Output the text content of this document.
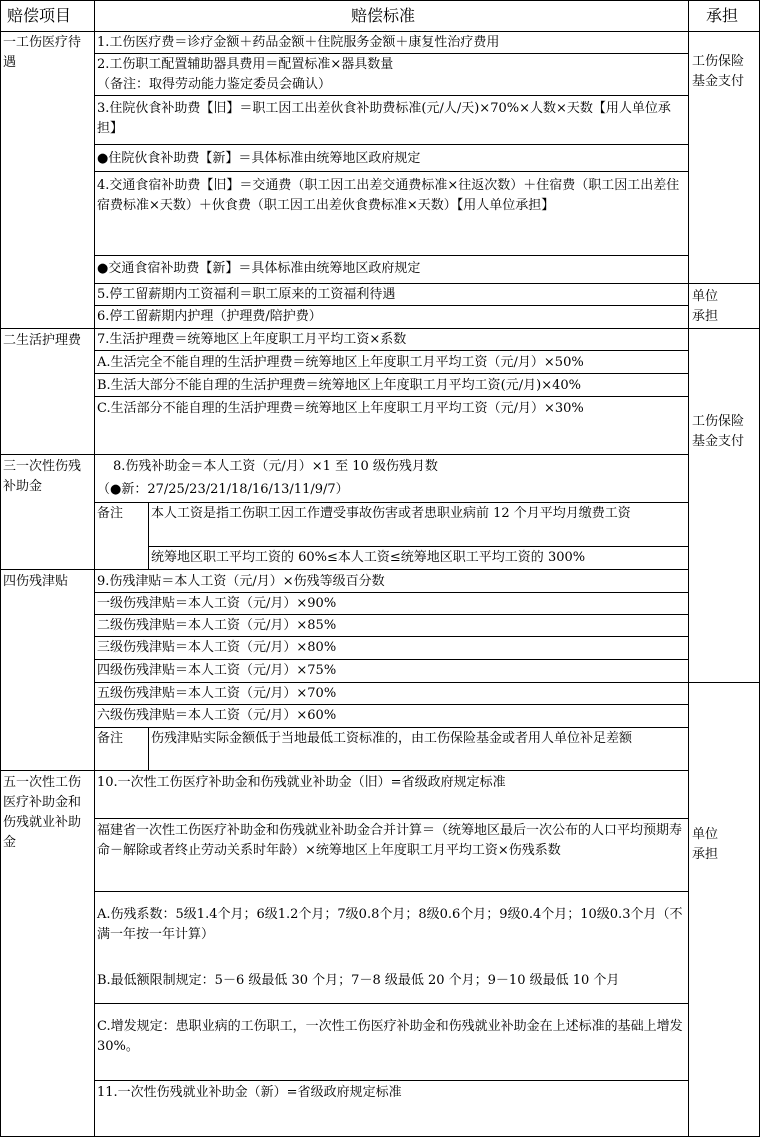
赔偿项目	赔偿标准	承担
一工伤医疗待遇
二生活护理费
三一次性伤残补助金
四伤残津贴
五一次性工伤医疗补助金和伤残就业补助金
工伤保险基金支付
单位承担
工伤保险基金支付
单位承担
1.工伤医疗费＝诊疗金额＋药品金额＋住院服务金额＋康复性治疗费用
2.工伤职工配置辅助器具费用＝配置标准×器具数量
（备注：取得劳动能力鉴定委员会确认）
3.住院伙食补助费【旧】＝职工因工出差伙食补助费标准(元/人/天)×70%×人数×天数【用人单位承担】
●住院伙食补助费【新】＝具体标准由统筹地区政府规定
4.交通食宿补助费【旧】＝交通费（职工因工出差交通费标准×往返次数）＋住宿费（职工因工出差住宿费标准×天数）＋伙食费（职工因工出差伙食费标准×天数）【用人单位承担】
●交通食宿补助费【新】＝具体标准由统筹地区政府规定
5.停工留薪期内工资福利＝职工原来的工资福利待遇
6.停工留薪期内护理（护理费/陪护费）
7.生活护理费＝统筹地区上年度职工月平均工资×系数
A.生活完全不能自理的生活护理费＝统筹地区上年度职工月平均工资（元/月）×50%
B.生活大部分不能自理的生活护理费＝统筹地区上年度职工月平均工资(元/月)×40%
C.生活部分不能自理的生活护理费＝统筹地区上年度职工月平均工资（元/月）×30%
8.伤残补助金＝本人工资（元/月）×1 至 10 级伤残月数
（●新：27/25/23/21/18/16/13/11/9/7）
备注 本人工资是指工伤职工因工作遭受事故伤害或者患职业病前 12 个月平均月缴费工资
统筹地区职工平均工资的 60%≤本人工资≤统筹地区职工平均工资的 300%
9.伤残津贴＝本人工资（元/月）×伤残等级百分数
一级伤残津贴＝本人工资（元/月）×90%
二级伤残津贴＝本人工资（元/月）×85%
三级伤残津贴＝本人工资（元/月）×80%
四级伤残津贴＝本人工资（元/月）×75%
五级伤残津贴＝本人工资（元/月）×70%
六级伤残津贴＝本人工资（元/月）×60%
备注 伤残津贴实际金额低于当地最低工资标准的，由工伤保险基金或者用人单位补足差额
10.一次性工伤医疗补助金和伤残就业补助金（旧）=省级政府规定标准
福建省一次性工伤医疗补助金和伤残就业补助金合并计算＝（统筹地区最后一次公布的人口平均预期寿命－解除或者终止劳动关系时年龄）×统筹地区上年度职工月平均工资×伤残系数
A.伤残系数：5级1.4个月；6级1.2个月；7级0.8个月；8级0.6个月；9级0.4个月；10级0.3个月（不满一年按一年计算）
B.最低额限制规定：5－6 级最低 30 个月；7－8 级最低 20 个月；9－10 级最低 10 个月
C.增发规定：患职业病的工伤职工，一次性工伤医疗补助金和伤残就业补助金在上述标准的基础上增发 30%。
11.一次性伤残就业补助金（新）=省级政府规定标准
